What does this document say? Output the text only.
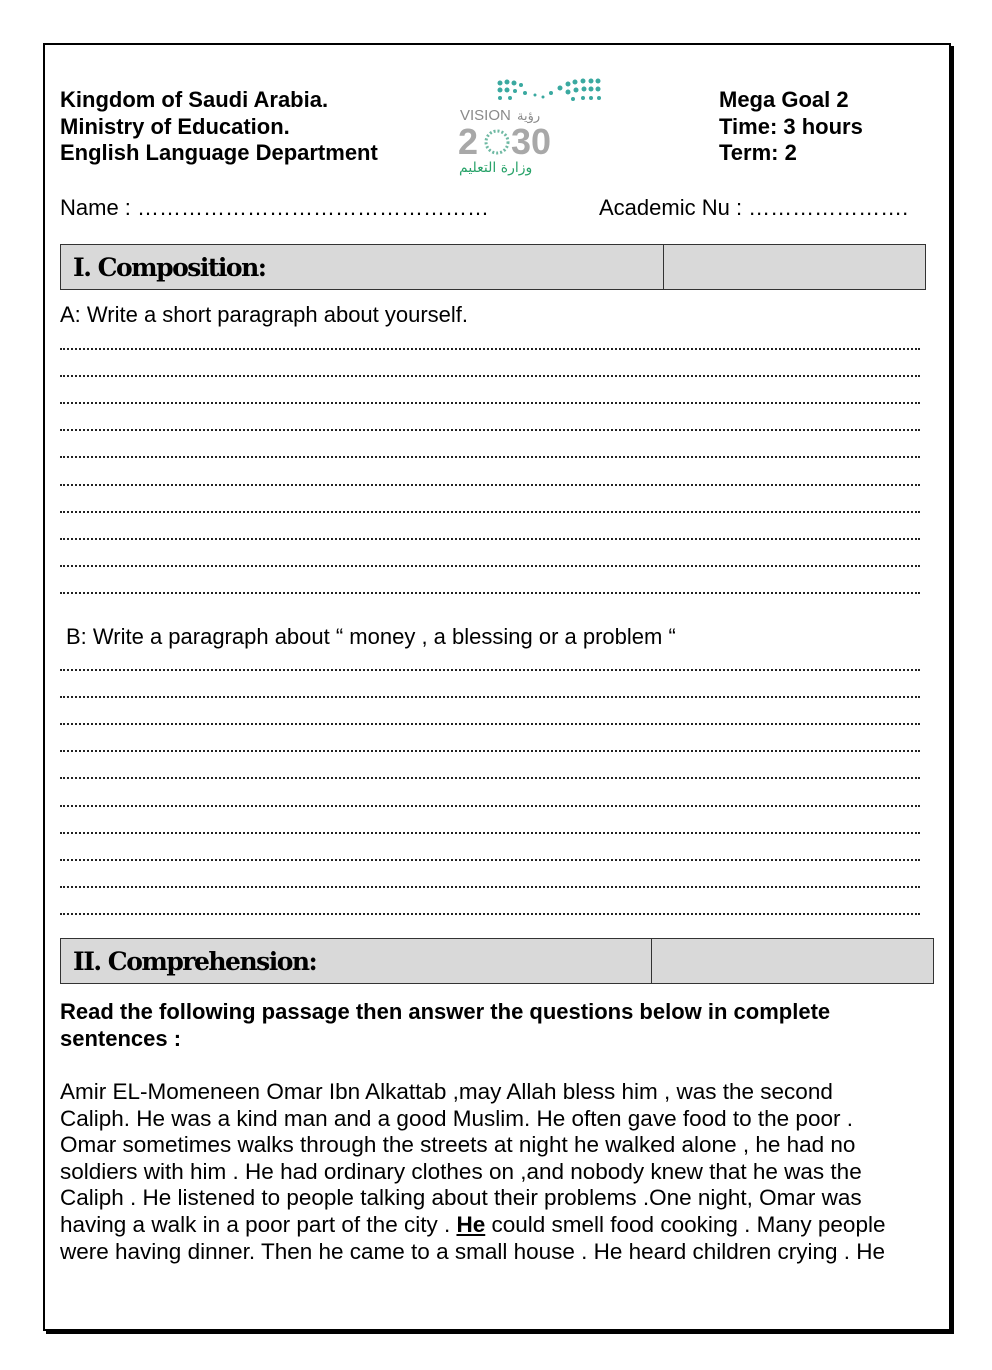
Kingdom of Saudi Arabia.
Ministry of Education.
English Language Department
VISION رؤية
2 30
وزارة التعليم
Mega Goal 2
Time: 3 hours
Term: 2
Name : …………………………………………	Academic Nu : ………………….
I. Composition:
A: Write a short paragraph about yourself.
B: Write a paragraph about “ money , a blessing or a problem “
II. Comprehension:
Read the following passage then answer the questions below in complete
sentences :
Amir EL-Momeneen Omar Ibn Alkattab ,may Allah bless him , was the second
Caliph. He was a kind man and a good Muslim. He often gave food to the poor .
Omar sometimes walks through the streets at night he walked alone , he had no
soldiers with him . He had ordinary clothes on ,and nobody knew that he was the
Caliph . He listened to people talking about their problems .One night, Omar was
having a walk in a poor part of the city . He could smell food cooking . Many people
were having dinner. Then he came to a small house . He heard children crying . He
